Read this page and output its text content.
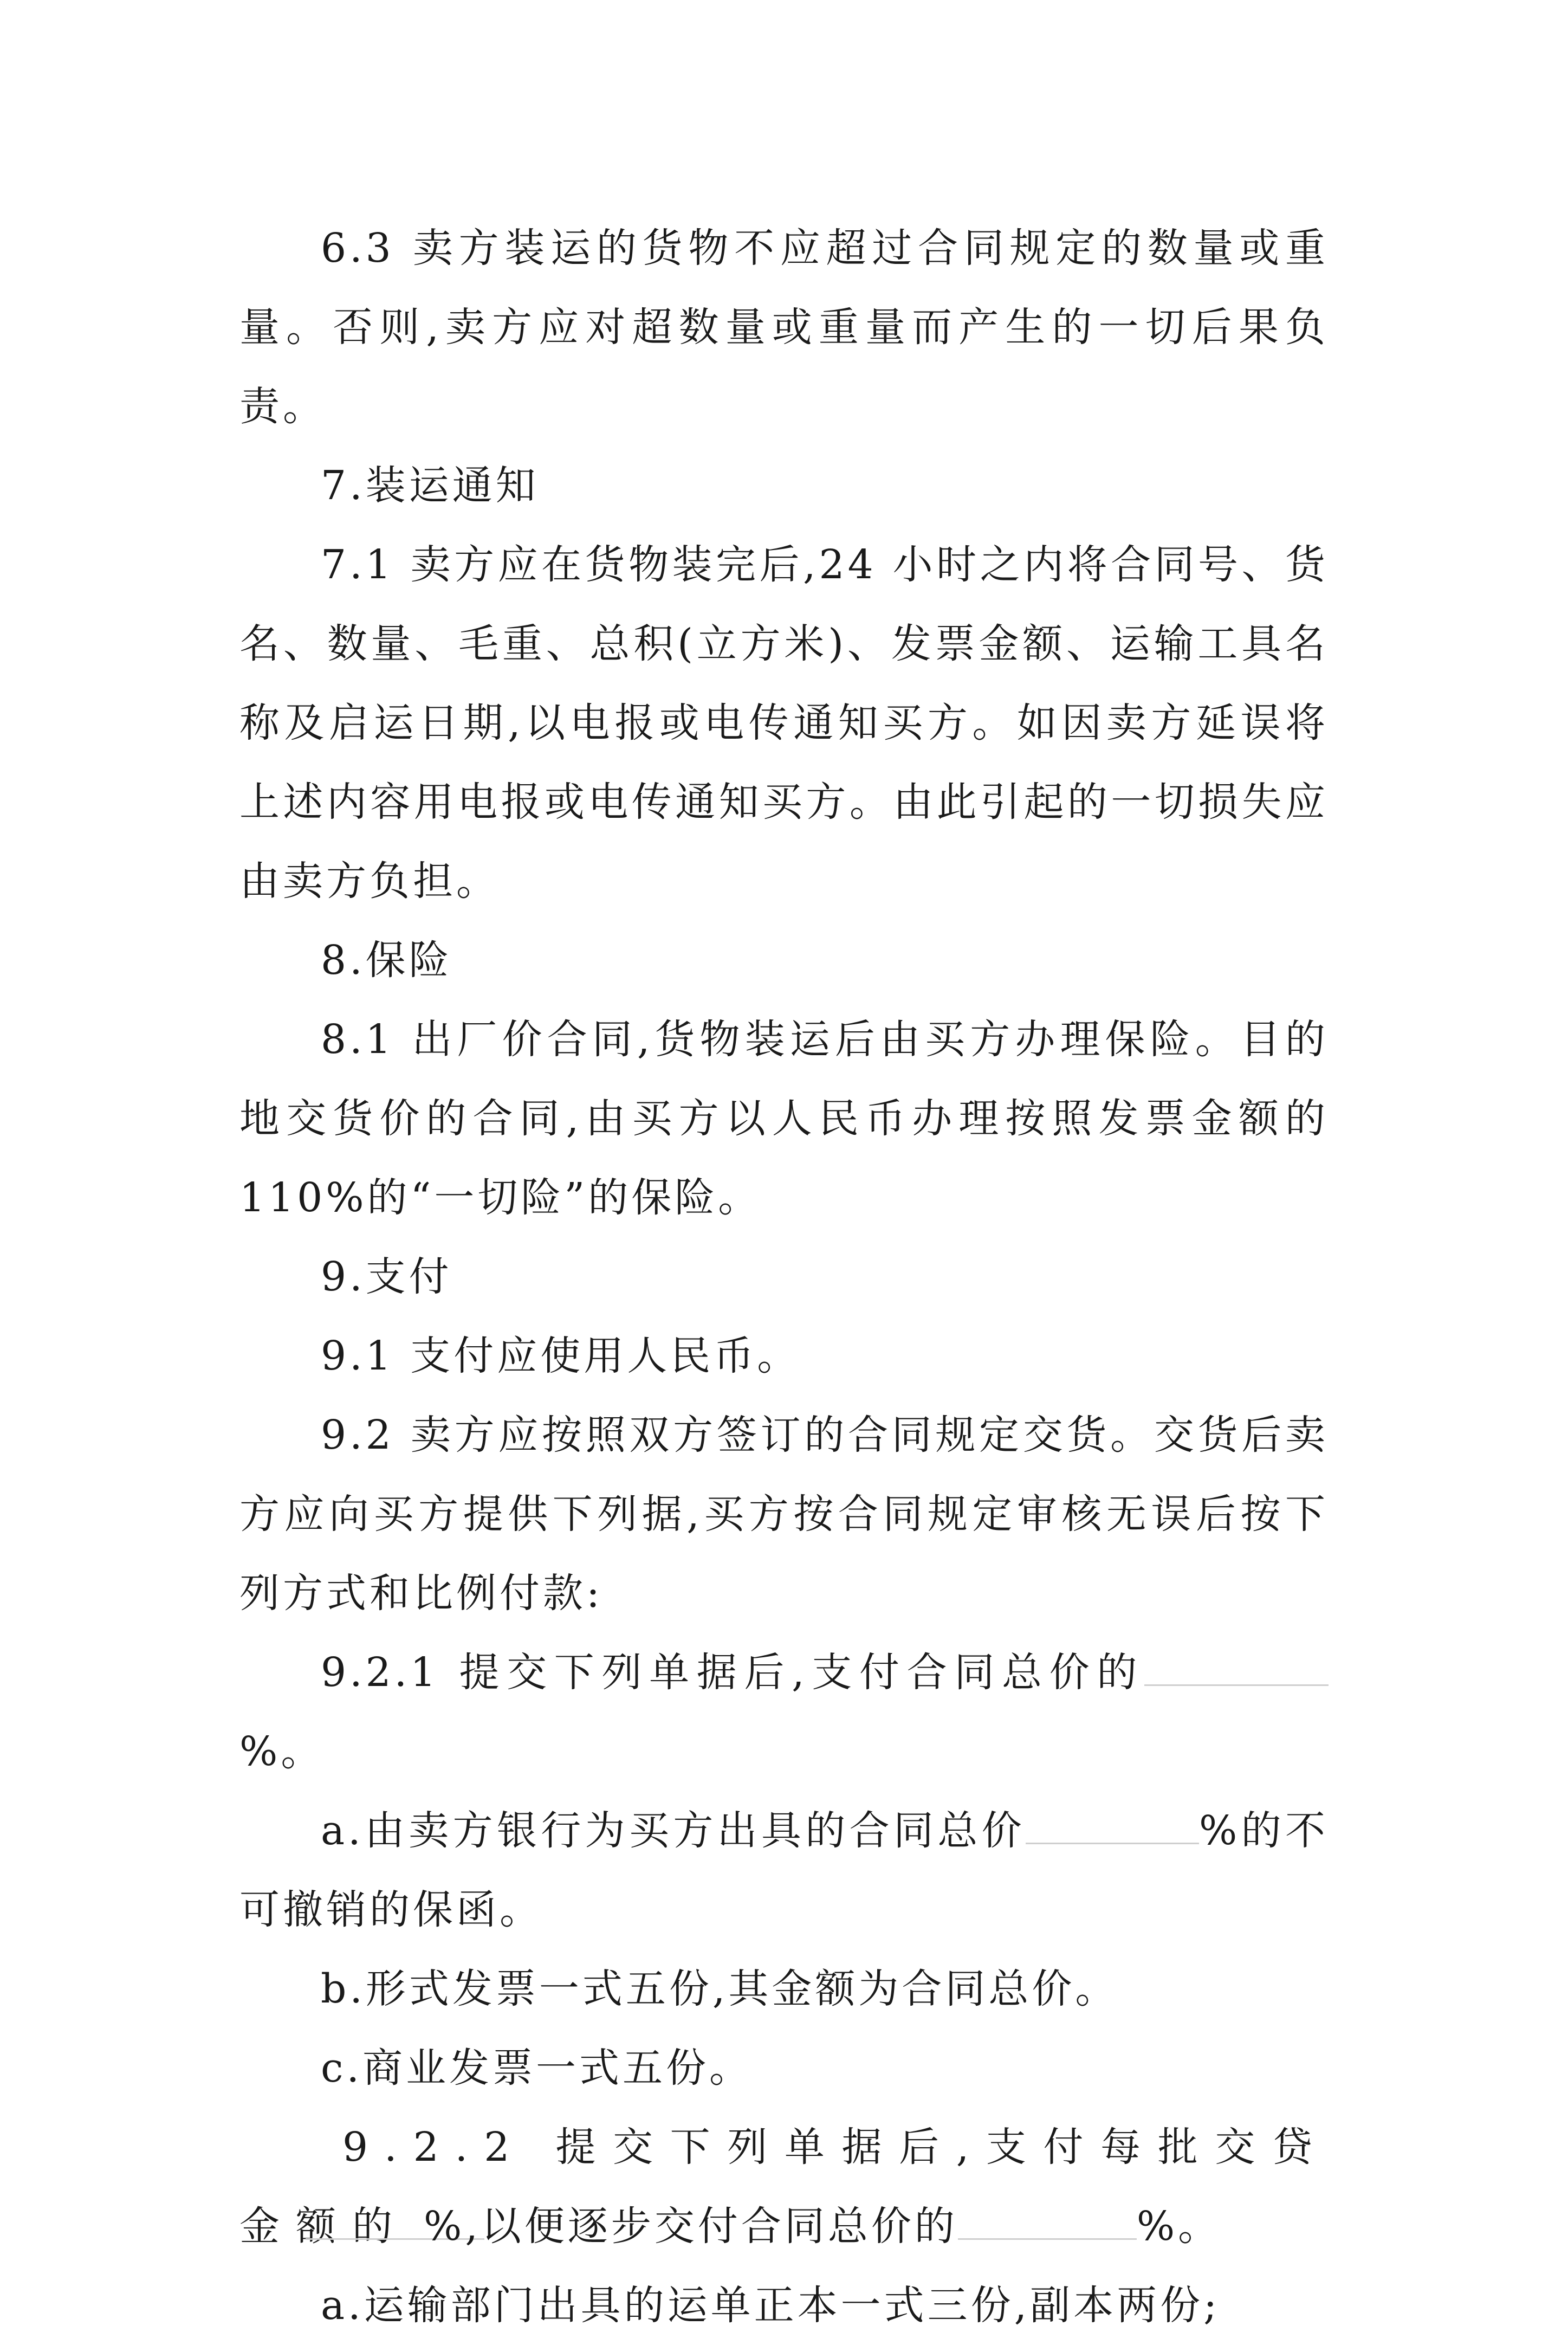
6.3 卖方装运的货物不应超过合同规定的数量或重量。否则,卖方应对超数量或重量而产生的一切后果负责。

7.装运通知

7.1 卖方应在货物装完后,24 小时之内将合同号、货名、数量、毛重、总积(立方米)、发票金额、运输工具名称及启运日期,以电报或电传通知买方。如因卖方延误将上述内容用电报或电传通知买方。由此引起的一切损失应由卖方负担。

8.保险

8.1 出厂价合同,货物装运后由买方办理保险。目的地交货价的合同,由买方以人民币办理按照发票金额的 110%的“一切险”的保险。

9.支付

9.1 支付应使用人民币。

9.2 卖方应按照双方签订的合同规定交货。交货后卖方应向买方提供下列据,买方按合同规定审核无误后按下列方式和比例付款:

9.2.1 提交下列单据后,支付合同总价的%。

a.由卖方银行为买方出具的合同总价	%的不可撤销的保函。

b.形式发票一式五份,其金额为合同总价。

c.商业发票一式五份。

9.2.2 提交下列单据后,支付每批交贷金额的 %,以便逐步交付合同总价的	%。

a.运输部门出具的运单正本一式三份,副本两份;
